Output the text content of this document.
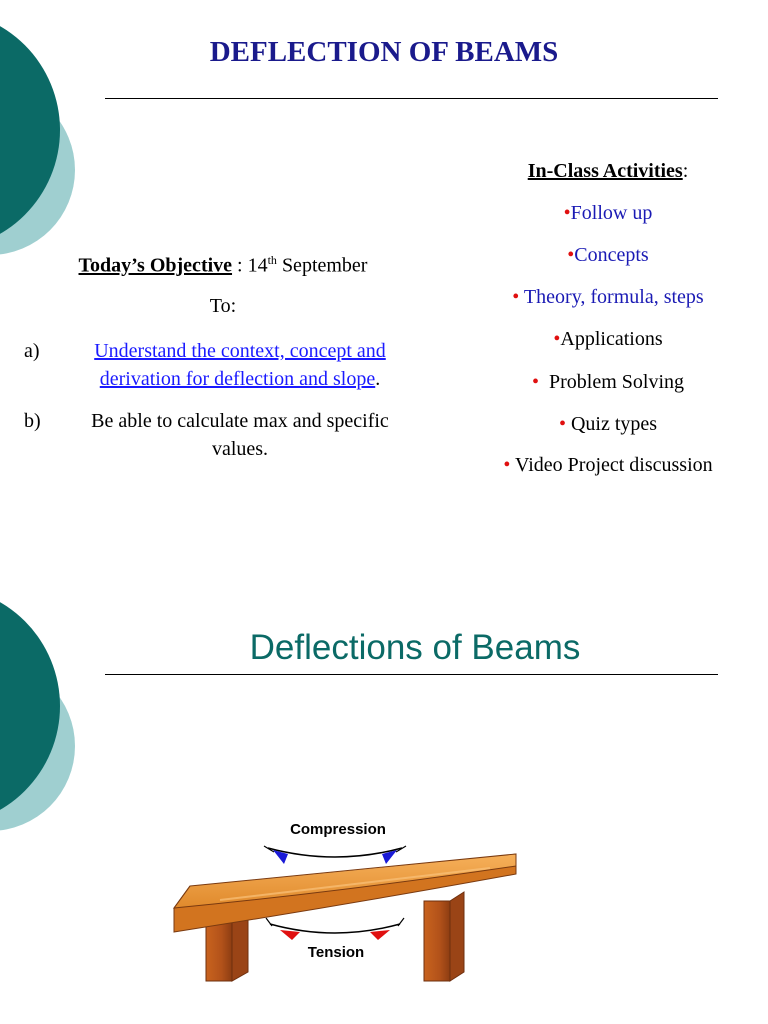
DEFLECTION OF BEAMS
Today’s Objective : 14th September
To:
a)	Understand the context, concept and derivation for deflection and slope.
b)	Be able to calculate max and specific values.
In-Class Activities:
•Follow up
•Concepts
• Theory, formula, steps
•Applications
•  Problem Solving
• Quiz types
• Video Project discussion
Deflections of Beams
Compression
Tension
